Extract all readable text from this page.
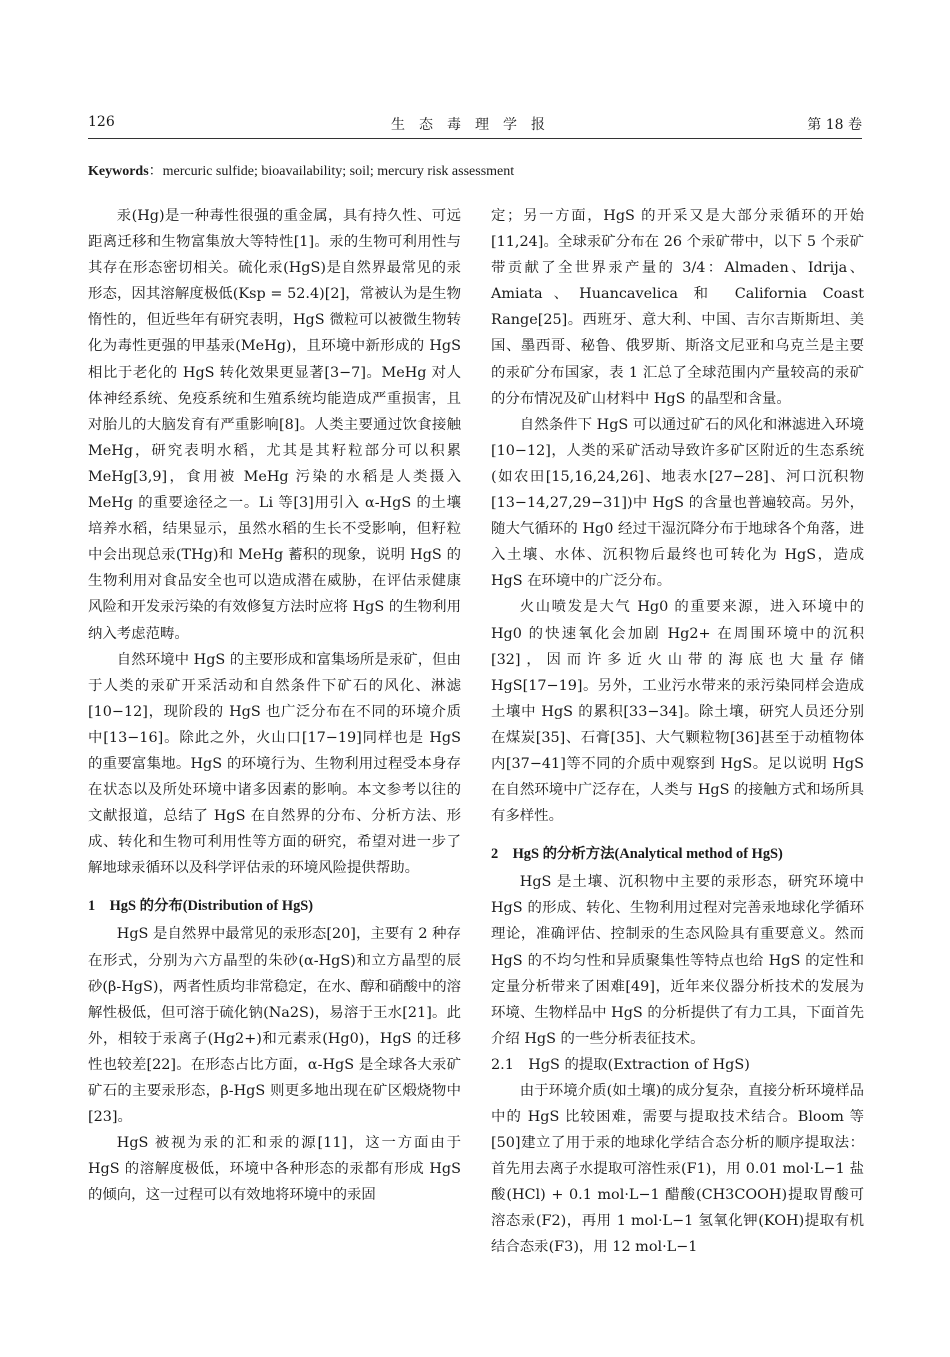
126	生态毒理学报	第 18 卷
Keywords：mercuric sulfide; bioavailability; soil; mercury risk assessment

汞(Hg)是一种毒性很强的重金属，具有持久性、可远距离迁移和生物富集放大等特性[1]。汞的生物可利用性与其存在形态密切相关。硫化汞(HgS)是自然界最常见的汞形态，因其溶解度极低(Ksp = 52.4)[2]，常被认为是生物惰性的，但近些年有研究表明，HgS 微粒可以被微生物转化为毒性更强的甲基汞(MeHg)，且环境中新形成的 HgS 相比于老化的 HgS 转化效果更显著[3−7]。MeHg 对人体神经系统、免疫系统和生殖系统均能造成严重损害，且对胎儿的大脑发育有严重影响[8]。人类主要通过饮食接触 MeHg，研究表明水稻，尤其是其籽粒部分可以积累 MeHg[3,9]，食用被 MeHg 污染的水稻是人类摄入 MeHg 的重要途径之一。Li 等[3]用引入 α-HgS 的土壤培养水稻，结果显示，虽然水稻的生长不受影响，但籽粒中会出现总汞(THg)和 MeHg 蓄积的现象，说明 HgS 的生物利用对食品安全也可以造成潜在威胁，在评估汞健康风险和开发汞污染的有效修复方法时应将 HgS 的生物利用纳入考虑范畴。

自然环境中 HgS 的主要形成和富集场所是汞矿，但由于人类的汞矿开采活动和自然条件下矿石的风化、淋滤[10−12]，现阶段的 HgS 也广泛分布在不同的环境介质中[13−16]。除此之外，火山口[17−19]同样也是 HgS 的重要富集地。HgS 的环境行为、生物利用过程受本身存在状态以及所处环境中诸多因素的影响。本文参考以往的文献报道，总结了 HgS 在自然界的分布、分析方法、形成、转化和生物可利用性等方面的研究，希望对进一步了解地球汞循环以及科学评估汞的环境风险提供帮助。

1　HgS 的分布(Distribution of HgS)

HgS 是自然界中最常见的汞形态[20]，主要有 2 种存在形式，分别为六方晶型的朱砂(α-HgS)和立方晶型的辰砂(β-HgS)，两者性质均非常稳定，在水、醇和硝酸中的溶解性极低，但可溶于硫化钠(Na2S)，易溶于王水[21]。此外，相较于汞离子(Hg2+)和元素汞(Hg0)，HgS 的迁移性也较差[22]。在形态占比方面，α-HgS 是全球各大汞矿矿石的主要汞形态，β-HgS 则更多地出现在矿区煅烧物中[23]。

HgS 被视为汞的汇和汞的源[11]，这一方面由于 HgS 的溶解度极低，环境中各种形态的汞都有形成 HgS 的倾向，这一过程可以有效地将环境中的汞固

定；另一方面，HgS 的开采又是大部分汞循环的开始[11,24]。全球汞矿分布在 26 个汞矿带中，以下 5 个汞矿带贡献了全世界汞产量的 3/4：Almaden、Idrija、Amiata、Huancavelica 和 California Coast Range[25]。西班牙、意大利、中国、吉尔吉斯斯坦、美国、墨西哥、秘鲁、俄罗斯、斯洛文尼亚和乌克兰是主要的汞矿分布国家，表 1 汇总了全球范围内产量较高的汞矿的分布情况及矿山材料中 HgS 的晶型和含量。

自然条件下 HgS 可以通过矿石的风化和淋滤进入环境[10−12]，人类的采矿活动导致许多矿区附近的生态系统(如农田[15,16,24,26]、地表水[27−28]、河口沉积物[13−14,27,29−31])中 HgS 的含量也普遍较高。另外，随大气循环的 Hg0 经过干湿沉降分布于地球各个角落，进入土壤、水体、沉积物后最终也可转化为 HgS，造成 HgS 在环境中的广泛分布。

火山喷发是大气 Hg0 的重要来源，进入环境中的 Hg0 的快速氧化会加剧 Hg2+ 在周围环境中的沉积[32]，因而许多近火山带的海底也大量存储 HgS[17−19]。另外，工业污水带来的汞污染同样会造成土壤中 HgS 的累积[33−34]。除土壤，研究人员还分别在煤炭[35]、石膏[35]、大气颗粒物[36]甚至于动植物体内[37−41]等不同的介质中观察到 HgS。足以说明 HgS 在自然环境中广泛存在，人类与 HgS 的接触方式和场所具有多样性。

2　HgS 的分析方法(Analytical method of HgS)

HgS 是土壤、沉积物中主要的汞形态，研究环境中 HgS 的形成、转化、生物利用过程对完善汞地球化学循环理论，准确评估、控制汞的生态风险具有重要意义。然而 HgS 的不均匀性和异质聚集性等特点也给 HgS 的定性和定量分析带来了困难[49]，近年来仪器分析技术的发展为环境、生物样品中 HgS 的分析提供了有力工具，下面首先介绍 HgS 的一些分析表征技术。

2.1　HgS 的提取(Extraction of HgS)

由于环境介质(如土壤)的成分复杂，直接分析环境样品中的 HgS 比较困难，需要与提取技术结合。Bloom 等[50]建立了用于汞的地球化学结合态分析的顺序提取法：首先用去离子水提取可溶性汞(F1)，用 0.01 mol·L−1 盐酸(HCl) + 0.1 mol·L−1 醋酸(CH3COOH)提取胃酸可溶态汞(F2)，再用 1 mol·L−1 氢氧化钾(KOH)提取有机结合态汞(F3)，用 12 mol·L−1
